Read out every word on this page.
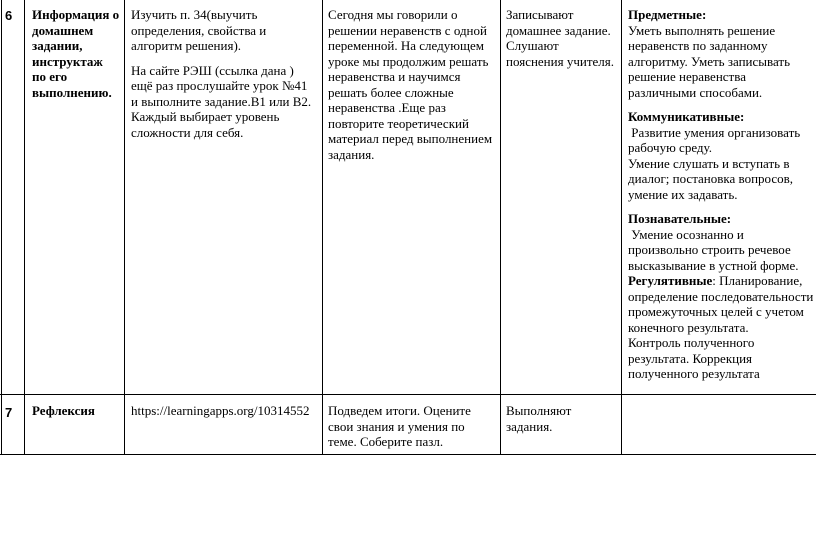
6 Информация о домашнем задании, инструктаж по его выполнению.

Изучить п. 34(выучить определения, свойства и алгоритм решения).

На сайте РЭШ (ссылка дана ) ещё раз прослушайте урок №41 и выполните задание.В1 или В2. Каждый выбирает уровень сложности для себя.

Сегодня мы говорили о решении неравенств с одной переменной. На следующем уроке мы продолжим решать неравенства и научимся решать более сложные неравенства .Еще раз повторите теоретический материал перед выполнением задания.
Записывают домашнее задание. Слушают пояснения учителя.

Предметные:

Уметь выполнять решение неравенств по заданному алгоритму. Уметь записывать решение неравенства различными способами.

Коммуникативные:

Развитие умения организовать рабочую среду.

Умение слушать и вступать в диалог; постановка вопросов, умение их задавать.

Познавательные:

Умение осознанно и произвольно строить речевое высказывание в устной форме.

Регулятивные: Планирование, определение последовательности промежуточных целей с учетом конечного результата.

Контроль полученного результата. Коррекция полученного результата

7 Рефлексия	https://learningapps.org/10314552	Подведем итоги. Оцените свои знания и умения по теме. Соберите пазл.
Выполняют задания.
